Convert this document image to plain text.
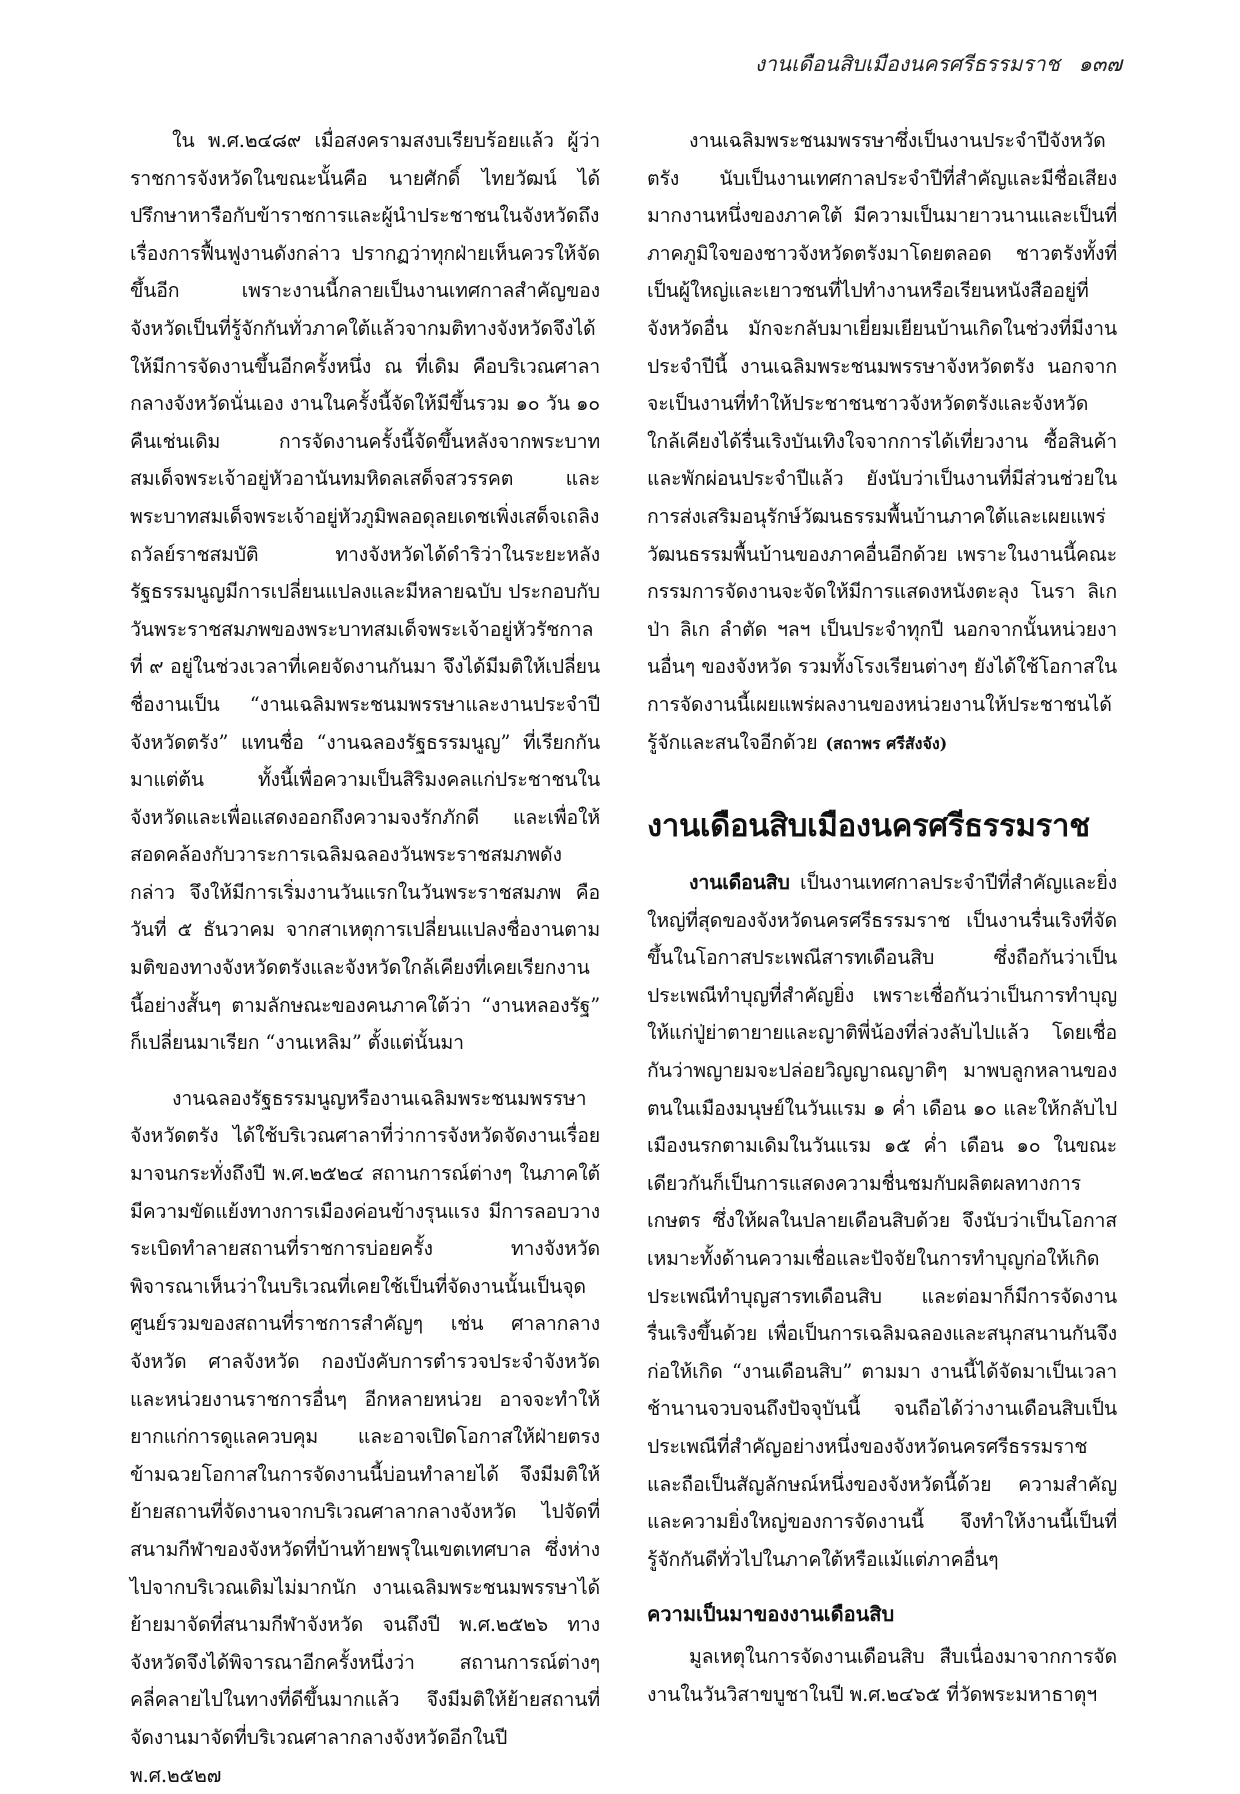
งานเดือนสิบเมืองนครศรีธรรมราช ๑๓๗

ใน พ.ศ.๒๔๘๙ เมื่อสงครามสงบเรียบร้อยแล้ว ผู้ว่าราชการจังหวัดในขณะนั้นคือ นายศักดิ์ ไทยวัฒน์ ได้ปรึกษาหารือกับข้าราชการและผู้นำประชาชนในจังหวัดถึงเรื่องการฟื้นฟูงานดังกล่าว ปรากฏว่าทุกฝ่ายเห็นควรให้จัดขึ้นอีก เพราะงานนี้กลายเป็นงานเทศกาลสำคัญของจังหวัดเป็นที่รู้จักกันทั่วภาคใต้แล้วจากมติทางจังหวัดจึงได้ให้มีการจัดงานขึ้นอีกครั้งหนึ่ง ณ ที่เดิม คือบริเวณศาลากลางจังหวัดนั่นเอง งานในครั้งนี้จัดให้มีขึ้นรวม ๑๐ วัน ๑๐ คืนเช่นเดิม การจัดงานครั้งนี้จัดขึ้นหลังจากพระบาทสมเด็จพระเจ้าอยู่หัวอานันทมหิดลเสด็จสวรรคต และพระบาทสมเด็จพระเจ้าอยู่หัวภูมิพลอดุลยเดชเพิ่งเสด็จเถลิงถวัลย์ราชสมบัติ ทางจังหวัดได้ดำริว่าในระยะหลังรัฐธรรมนูญมีการเปลี่ยนแปลงและมีหลายฉบับ ประกอบกับวันพระราชสมภพของพระบาทสมเด็จพระเจ้าอยู่หัวรัชกาลที่ ๙ อยู่ในช่วงเวลาที่เคยจัดงานกันมา จึงได้มีมติให้เปลี่ยนชื่องานเป็น “งานเฉลิมพระชนมพรรษาและงานประจำปีจังหวัดตรัง” แทนชื่อ “งานฉลองรัฐธรรมนูญ” ที่เรียกกันมาแต่ต้น ทั้งนี้เพื่อความเป็นสิริมงคลแก่ประชาชนในจังหวัดและเพื่อแสดงออกถึงความจงรักภักดี และเพื่อให้สอดคล้องกับวาระการเฉลิมฉลองวันพระราชสมภพดังกล่าว จึงให้มีการเริ่มงานวันแรกในวันพระราชสมภพ คือวันที่ ๕ ธันวาคม จากสาเหตุการเปลี่ยนแปลงชื่องานตามมติของทางจังหวัดตรังและจังหวัดใกล้เคียงที่เคยเรียกงานนี้อย่างสั้นๆ ตามลักษณะของคนภาคใต้ว่า “งานหลองรัฐ” ก็เปลี่ยนมาเรียก “งานเหลิม” ตั้งแต่นั้นมา

งานฉลองรัฐธรรมนูญหรืองานเฉลิมพระชนมพรรษาจังหวัดตรัง ได้ใช้บริเวณศาลาที่ว่าการจังหวัดจัดงานเรื่อยมาจนกระทั่งถึงปี พ.ศ.๒๕๒๔ สถานการณ์ต่างๆ ในภาคใต้มีความขัดแย้งทางการเมืองค่อนข้างรุนแรง มีการลอบวางระเบิดทำลายสถานที่ราชการบ่อยครั้ง ทางจังหวัดพิจารณาเห็นว่าในบริเวณที่เคยใช้เป็นที่จัดงานนั้นเป็นจุดศูนย์รวมของสถานที่ราชการสำคัญๆ เช่น ศาลากลางจังหวัด ศาลจังหวัด กองบังคับการตำรวจประจำจังหวัด และหน่วยงานราชการอื่นๆ อีกหลายหน่วย อาจจะทำให้ยากแก่การดูแลควบคุม และอาจเปิดโอกาสให้ฝ่ายตรงข้ามฉวยโอกาสในการจัดงานนี้บ่อนทำลายได้ จึงมีมติให้ย้ายสถานที่จัดงานจากบริเวณศาลากลางจังหวัด ไปจัดที่สนามกีฬาของจังหวัดที่บ้านท้ายพรุในเขตเทศบาล ซึ่งห่างไปจากบริเวณเดิมไม่มากนัก งานเฉลิมพระชนมพรรษาได้ย้ายมาจัดที่สนามกีฬาจังหวัด จนถึงปี พ.ศ.๒๕๒๖ ทางจังหวัดจึงได้พิจารณาอีกครั้งหนึ่งว่า สถานการณ์ต่างๆ คลี่คลายไปในทางที่ดีขึ้นมากแล้ว จึงมีมติให้ย้ายสถานที่จัดงานมาจัดที่บริเวณศาลากลางจังหวัดอีกในปี พ.ศ.๒๕๒๗

งานเฉลิมพระชนมพรรษาซึ่งเป็นงานประจำปีจังหวัดตรัง นับเป็นงานเทศกาลประจำปีที่สำคัญและมีชื่อเสียงมากงานหนึ่งของภาคใต้ มีความเป็นมายาวนานและเป็นที่ภาคภูมิใจของชาวจังหวัดตรังมาโดยตลอด ชาวตรังทั้งที่เป็นผู้ใหญ่และเยาวชนที่ไปทำงานหรือเรียนหนังสืออยู่ที่จังหวัดอื่น มักจะกลับมาเยี่ยมเยียนบ้านเกิดในช่วงที่มีงานประจำปีนี้ งานเฉลิมพระชนมพรรษาจังหวัดตรัง นอกจากจะเป็นงานที่ทำให้ประชาชนชาวจังหวัดตรังและจังหวัดใกล้เคียงได้รื่นเริงบันเทิงใจจากการได้เที่ยวงาน ซื้อสินค้าและพักผ่อนประจำปีแล้ว ยังนับว่าเป็นงานที่มีส่วนช่วยในการส่งเสริมอนุรักษ์วัฒนธรรมพื้นบ้านภาคใต้และเผยแพร่วัฒนธรรมพื้นบ้านของภาคอื่นอีกด้วย เพราะในงานนี้คณะกรรมการจัดงานจะจัดให้มีการแสดงหนังตะลุง โนรา ลิเกป่า ลิเก ลำตัด ฯลฯ เป็นประจำทุกปี นอกจากนั้นหน่วยงานอื่นๆ ของจังหวัด รวมทั้งโรงเรียนต่างๆ ยังได้ใช้โอกาสในการจัดงานนี้เผยแพร่ผลงานของหน่วยงานให้ประชาชนได้รู้จักและสนใจอีกด้วย (สถาพร ศรีสังจัง)

งานเดือนสิบเมืองนครศรีธรรมราช

งานเดือนสิบ เป็นงานเทศกาลประจำปีที่สำคัญและยิ่งใหญ่ที่สุดของจังหวัดนครศรีธรรมราช เป็นงานรื่นเริงที่จัดขึ้นในโอกาสประเพณีสารทเดือนสิบ ซึ่งถือกันว่าเป็นประเพณีทำบุญที่สำคัญยิ่ง เพราะเชื่อกันว่าเป็นการทำบุญให้แก่ปู่ย่าตายายและญาติพี่น้องที่ล่วงลับไปแล้ว โดยเชื่อกันว่าพญายมจะปล่อยวิญญาณญาติๆ มาพบลูกหลานของตนในเมืองมนุษย์ในวันแรม ๑ ค่ำ เดือน ๑๐ และให้กลับไปเมืองนรกตามเดิมในวันแรม ๑๕ ค่ำ เดือน ๑๐ ในขณะเดียวกันก็เป็นการแสดงความชื่นชมกับผลิตผลทางการเกษตร ซึ่งให้ผลในปลายเดือนสิบด้วย จึงนับว่าเป็นโอกาสเหมาะทั้งด้านความเชื่อและปัจจัยในการทำบุญก่อให้เกิดประเพณีทำบุญสารทเดือนสิบ และต่อมาก็มีการจัดงานรื่นเริงขึ้นด้วย เพื่อเป็นการเฉลิมฉลองและสนุกสนานกันจึงก่อให้เกิด “งานเดือนสิบ” ตามมา งานนี้ได้จัดมาเป็นเวลาช้านานจวบจนถึงปัจจุบันนี้ จนถือได้ว่างานเดือนสิบเป็นประเพณีที่สำคัญอย่างหนึ่งของจังหวัดนครศรีธรรมราช และถือเป็นสัญลักษณ์หนึ่งของจังหวัดนี้ด้วย ความสำคัญและความยิ่งใหญ่ของการจัดงานนี้ จึงทำให้งานนี้เป็นที่รู้จักกันดีทั่วไปในภาคใต้หรือแม้แต่ภาคอื่นๆ

ความเป็นมาของงานเดือนสิบ

มูลเหตุในการจัดงานเดือนสิบ สืบเนื่องมาจากการจัดงานในวันวิสาขบูชาในปี พ.ศ.๒๔๖๕ ที่วัดพระมหาธาตุฯ
